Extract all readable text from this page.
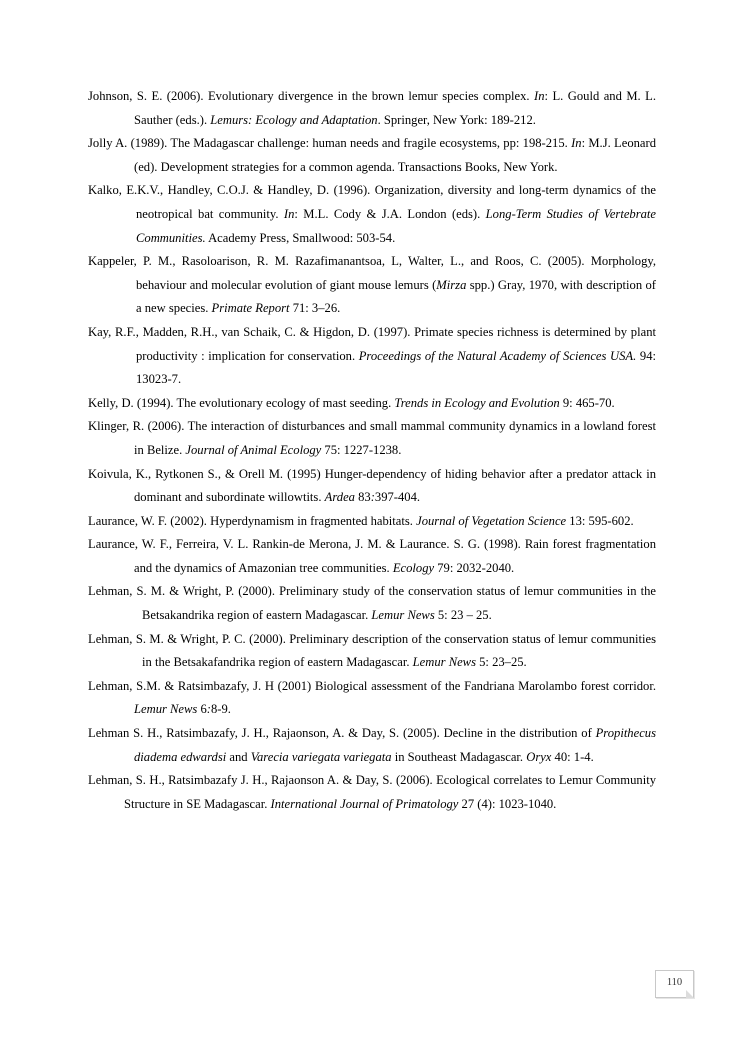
Johnson, S. E. (2006). Evolutionary divergence in the brown lemur species complex. In: L. Gould and M. L. Sauther (eds.). Lemurs: Ecology and Adaptation. Springer, New York: 189-212.

Jolly A. (1989). The Madagascar challenge: human needs and fragile ecosystems, pp: 198-215. In: M.J. Leonard (ed). Development strategies for a common agenda. Transactions Books, New York.

Kalko, E.K.V., Handley, C.O.J. & Handley, D. (1996). Organization, diversity and long-term dynamics of the neotropical bat community. In: M.L. Cody & J.A. London (eds). Long-Term Studies of Vertebrate Communities. Academy Press, Smallwood: 503-54.

Kappeler, P. M., Rasoloarison, R. M. Razafimanantsoa, L, Walter, L., and Roos, C. (2005). Morphology, behaviour and molecular evolution of giant mouse lemurs (Mirza spp.) Gray, 1970, with description of a new species. Primate Report 71: 3–26.

Kay, R.F., Madden, R.H., van Schaik, C. & Higdon, D. (1997). Primate species richness is determined by plant productivity : implication for conservation. Proceedings of the Natural Academy of Sciences USA. 94: 13023-7.

Kelly, D. (1994). The evolutionary ecology of mast seeding. Trends in Ecology and Evolution 9: 465-70.

Klinger, R. (2006). The interaction of disturbances and small mammal community dynamics in a lowland forest in Belize. Journal of Animal Ecology 75: 1227-1238.

Koivula, K., Rytkonen S., & Orell M. (1995) Hunger-dependency of hiding behavior after a predator attack in dominant and subordinate willowtits. Ardea 83:397-404.

Laurance, W. F. (2002). Hyperdynamism in fragmented habitats. Journal of Vegetation Science 13: 595-602.

Laurance, W. F., Ferreira, V. L. Rankin-de Merona, J. M. & Laurance. S. G. (1998). Rain forest fragmentation and the dynamics of Amazonian tree communities. Ecology 79: 2032-2040.

Lehman, S. M. & Wright, P. (2000). Preliminary study of the conservation status of lemur communities in the Betsakandrika region of eastern Madagascar. Lemur News 5: 23 – 25.

Lehman, S. M. & Wright, P. C. (2000). Preliminary description of the conservation status of lemur communities in the Betsakafandrika region of eastern Madagascar. Lemur News 5: 23–25.

Lehman, S.M. & Ratsimbazafy, J. H (2001) Biological assessment of the Fandriana Marolambo forest corridor. Lemur News 6:8-9.

Lehman S. H., Ratsimbazafy, J. H., Rajaonson, A. & Day, S. (2005). Decline in the distribution of Propithecus diadema edwardsi and Varecia variegata variegata in Southeast Madagascar. Oryx 40: 1-4.

Lehman, S. H., Ratsimbazafy J. H., Rajaonson A. & Day, S. (2006). Ecological correlates to Lemur Community Structure in SE Madagascar. International Journal of Primatology 27 (4): 1023-1040.

110
